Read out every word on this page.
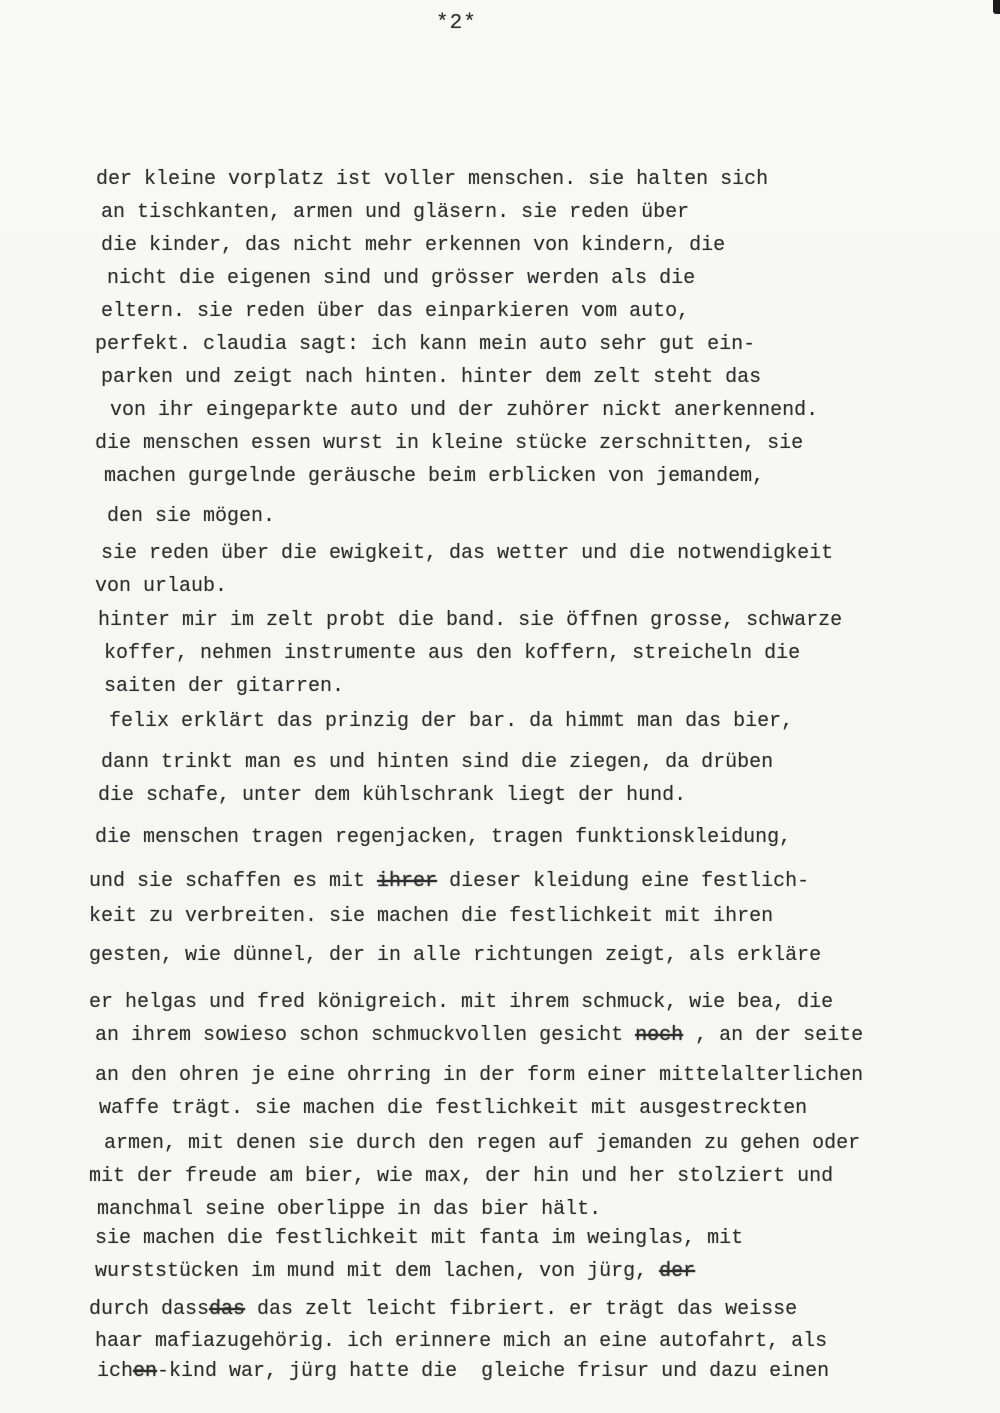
*2*
der kleine vorplatz ist voller menschen. sie halten sich
an tischkanten, armen und gläsern. sie reden über
die kinder, das nicht mehr erkennen von kindern, die
nicht die eigenen sind und grösser werden als die
eltern. sie reden über das einparkieren vom auto,
perfekt. claudia sagt: ich kann mein auto sehr gut ein-
parken und zeigt nach hinten. hinter dem zelt steht das
von ihr eingeparkte auto und der zuhörer nickt anerkennend.
die menschen essen wurst in kleine stücke zerschnitten, sie
machen gurgelnde geräusche beim erblicken von jemandem,
den sie mögen.
sie reden über die ewigkeit, das wetter und die notwendigkeit
von urlaub.
hinter mir im zelt probt die band. sie öffnen grosse, schwarze
koffer, nehmen instrumente aus den koffern, streicheln die
saiten der gitarren.
felix erklärt das prinzig der bar. da himmt man das bier,
dann trinkt man es und hinten sind die ziegen, da drüben
die schafe, unter dem kühlschrank liegt der hund.
die menschen tragen regenjacken, tragen funktionskleidung,
und sie schaffen es mit ihrer dieser kleidung eine festlich-
keit zu verbreiten. sie machen die festlichkeit mit ihren
gesten, wie dünnel, der in alle richtungen zeigt, als erkläre
er helgas und fred königreich. mit ihrem schmuck, wie bea, die
an ihrem sowieso schon schmuckvollen gesicht noch , an der seite
an den ohren je eine ohrring in der form einer mittelalterlichen
waffe trägt. sie machen die festlichkeit mit ausgestreckten
armen, mit denen sie durch den regen auf jemanden zu gehen oder
mit der freude am bier, wie max, der hin und her stolziert und
manchmal seine oberlippe in das bier hält.
sie machen die festlichkeit mit fanta im weinglas, mit
wurststücken im mund mit dem lachen, von jürg, der
durch dassdas das zelt leicht fibriert. er trägt das weisse
haar mafiazugehörig. ich erinnere mich an eine autofahrt, als
ichen-kind war, jürg hatte die  gleiche frisur und dazu einen
